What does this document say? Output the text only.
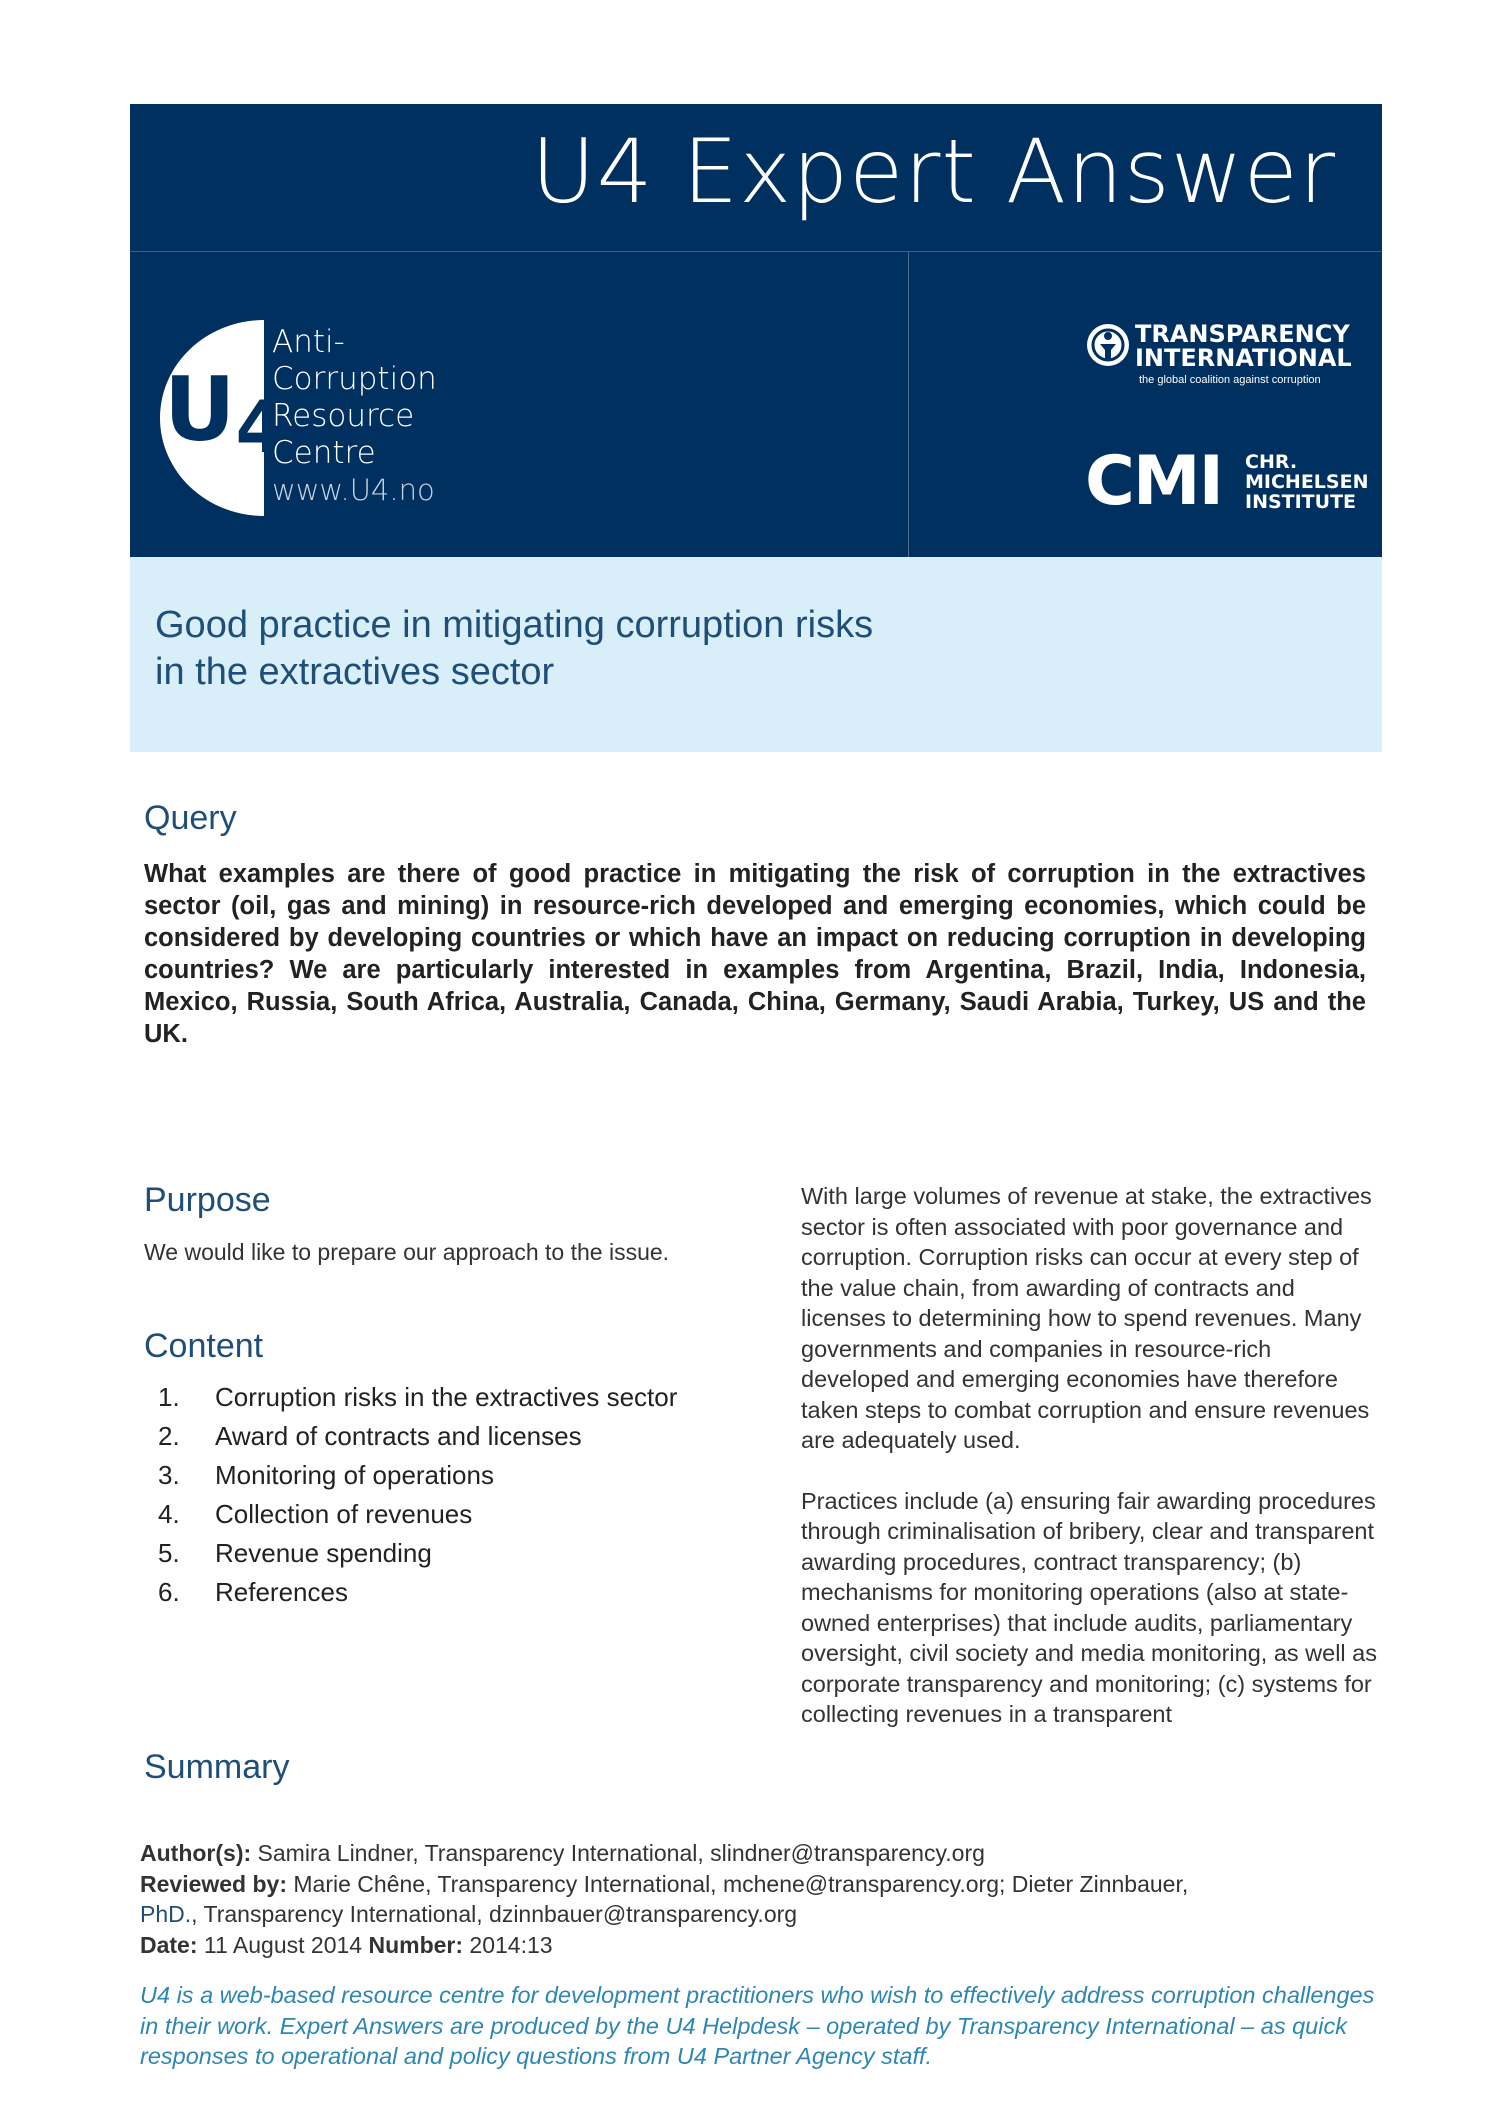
U4 Expert Answer
$U_4$
Anti-
Corruption
Resource
Centre
www.U4.no
TRANSPARENCY
INTERNATIONAL
the global coalition against corruption
CMI CHR.
MICHELSEN
INSTITUTE
Good practice in mitigating corruption risks
in the extractives sector
Query

What examples are there of good practice in mitigating the risk of corruption in the extractives sector (oil, gas and mining) in resource-rich developed and emerging economies, which could be considered by developing countries or which have an impact on reducing corruption in developing countries? We are particularly interested in examples from Argentina, Brazil, India, Indonesia, Mexico, Russia, South Africa, Australia, Canada, China, Germany, Saudi Arabia, Turkey, US and the UK.

Purpose

We would like to prepare our approach to the issue.

Content
1. Corruption risks in the extractives sector
2. Award of contracts and licenses
3. Monitoring of operations
4. Collection of revenues
5. Revenue spending
6. References
Summary

With large volumes of revenue at stake, the extractives sector is often associated with poor governance and corruption. Corruption risks can occur at every step of the value chain, from awarding of contracts and licenses to determining how to spend revenues. Many governments and companies in resource-rich developed and emerging economies have therefore taken steps to combat corruption and ensure revenues are adequately used.

Practices include (a) ensuring fair awarding procedures through criminalisation of bribery, clear and transparent awarding procedures, contract transparency; (b) mechanisms for monitoring operations (also at state-owned enterprises) that include audits, parliamentary oversight, civil society and media monitoring, as well as corporate transparency and monitoring; (c) systems for collecting revenues in a transparent

Author(s): Samira Lindner, Transparency International, slindner@transparency.org
Reviewed by: Marie Chêne, Transparency International, mchene@transparency.org; Dieter Zinnbauer,
PhD., Transparency International, dzinnbauer@transparency.org
Date: 11 August 2014 Number: 2014:13

U4 is a web-based resource centre for development practitioners who wish to effectively address corruption challenges in their work. Expert Answers are produced by the U4 Helpdesk – operated by Transparency International – as quick responses to operational and policy questions from U4 Partner Agency staff.
